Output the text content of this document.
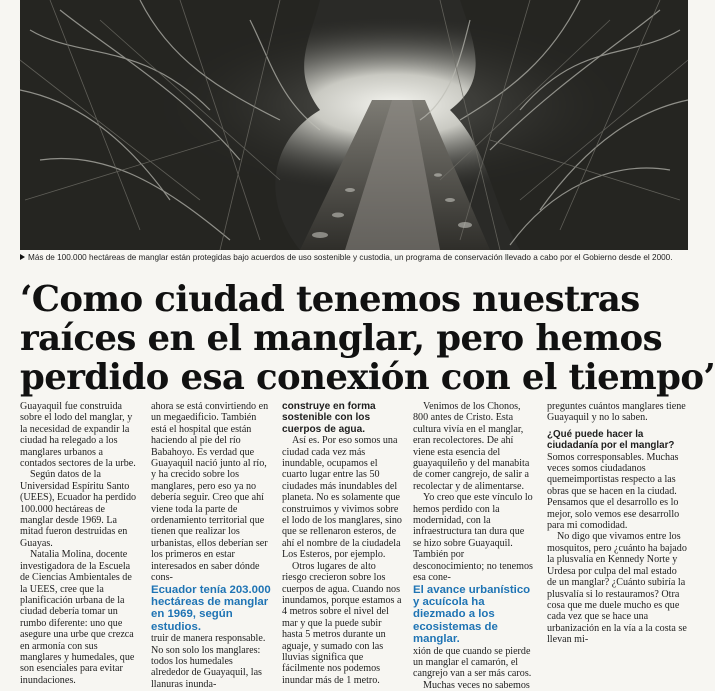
Más de 100.000 hectáreas de manglar están protegidas bajo acuerdos de uso sostenible y custodia, un programa de conservación llevado a cabo por el Gobierno desde el 2000.
‘Como ciudad tenemos nuestras
raíces en el manglar, pero hemos
perdido esa conexión con el tiempo’

Guayaquil fue construida sobre el lodo del manglar, y la necesidad de expandir la ciudad ha relegado a los manglares urbanos a contados sectores de la urbe.

Según datos de la Universidad Espíritu Santo (UEES), Ecuador ha perdido 100.000 hectáreas de manglar desde 1969. La mitad fueron destruidas en Guayas.

Natalia Molina, docente investigadora de la Escuela de Ciencias Ambientales de la UEES, cree que la planificación urbana de la ciudad debería tomar un rumbo diferente: uno que asegure una urbe que crezca en armonía con sus manglares y humedales, que son esenciales para evitar inundaciones.

ahora se está convirtiendo en un megaedificio. También está el hospital que están haciendo al pie del río Babahoyo. Es verdad que Guayaquil nació junto al río, y ha crecido sobre los manglares, pero eso ya no debería seguir. Creo que ahí viene toda la parte de ordenamiento territorial que tienen que realizar los urbanistas, ellos deberían ser los primeros en estar interesados en saber dónde cons-

Ecuador tenía 203.000 hectáreas de manglar en 1969, según estudios.

truir de manera responsable. No son solo los manglares: todos los humedales alrededor de Guayaquil, las llanuras inunda-

construye en forma sostenible con los cuerpos de agua.

Así es. Por eso somos una ciudad cada vez más inundable, ocupamos el cuarto lugar entre las 50 ciudades más inundables del planeta. No es solamente que construimos y vivimos sobre el lodo de los manglares, sino que se rellenaron esteros, de ahí el nombre de la ciudadela Los Esteros, por ejemplo.

Otros lugares de alto riesgo crecieron sobre los cuerpos de agua. Cuando nos inundamos, porque estamos a 4 metros sobre el nivel del mar y que la puede subir hasta 5 metros durante un aguaje, y sumado con las lluvias significa que fácilmente nos podemos inundar más de 1 metro.

Venimos de los Chonos, 800 antes de Cristo. Esta cultura vivía en el manglar, eran recolectores. De ahí viene esta esencia del guayaquileño y del manabita de comer cangrejo, de salir a recolectar y de alimentarse.

Yo creo que este vínculo lo hemos perdido con la modernidad, con la infraestructura tan dura que se hizo sobre Guayaquil. También por desconocimiento; no tenemos esa cone-

El avance urbanístico y acuícola ha diezmado a los ecosistemas de manglar.

xión de que cuando se pierde un manglar el camarón, el cangrejo van a ser más caros.

Muchas veces no sabemos

preguntes cuántos manglares tiene Guayaquil y no lo saben.

¿Qué puede hacer la ciudadanía por el manglar?

Somos corresponsables. Muchas veces somos ciudadanos quemeimportistas respecto a las obras que se hacen en la ciudad. Pensamos que el desarrollo es lo mejor, solo vemos ese desarrollo para mi comodidad.

No digo que vivamos entre los mosquitos, pero ¿cuánto ha bajado la plusvalía en Kennedy Norte y Urdesa por culpa del mal estado de un manglar? ¿Cuánto subiría la plusvalía si lo restauramos? Otra cosa que me duele mucho es que cada vez que se hace una urbanización en la vía a la costa se llevan mi-
